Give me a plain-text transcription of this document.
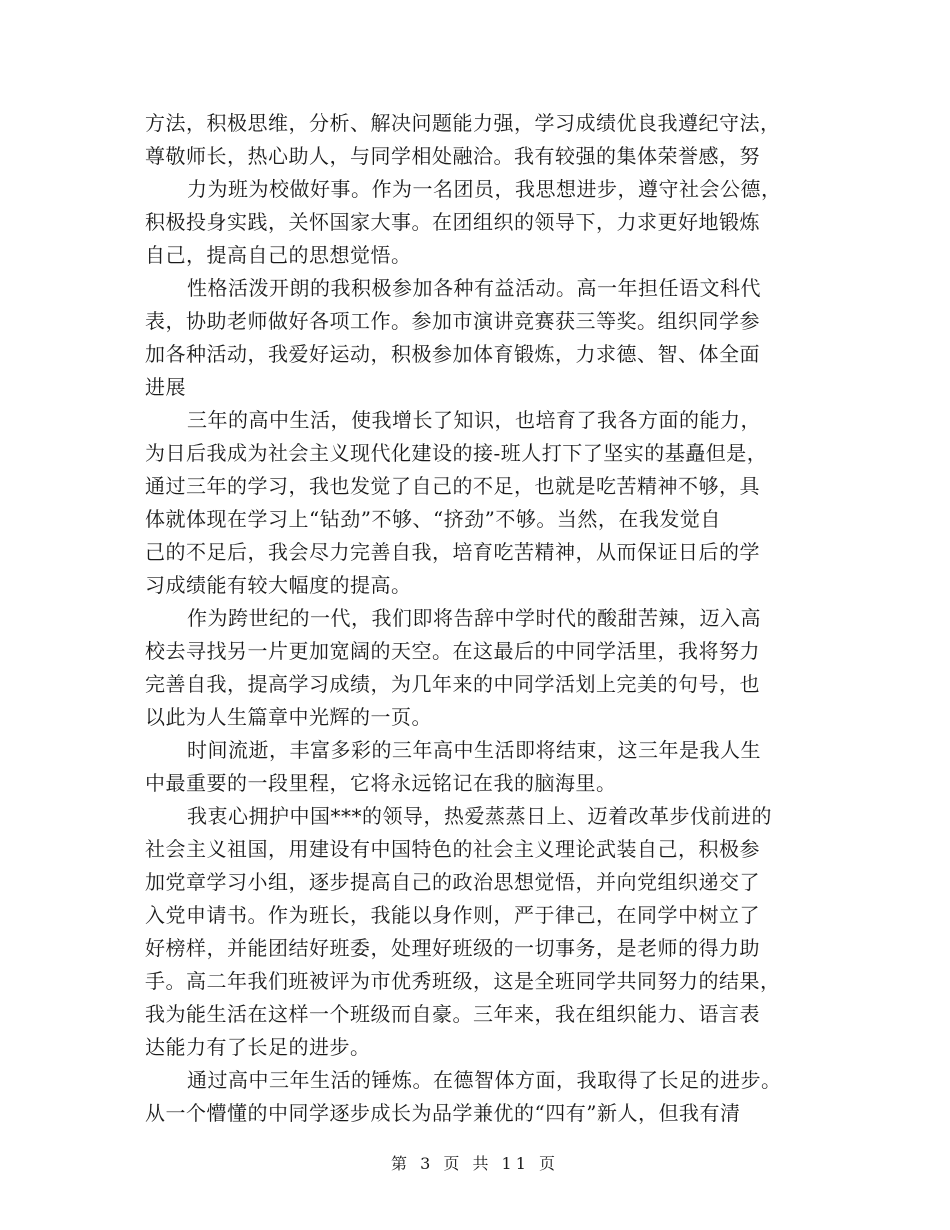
方法，积极思维，分析、解决问题能力强，学习成绩优良我遵纪守法，
尊敬师长，热心助人，与同学相处融洽。我有较强的集体荣誉感，努
力为班为校做好事。作为一名团员，我思想进步，遵守社会公德，
积极投身实践，关怀国家大事。在团组织的领导下，力求更好地锻炼
自己，提高自己的思想觉悟。
性格活泼开朗的我积极参加各种有益活动。高一年担任语文科代
表，协助老师做好各项工作。参加市演讲竞赛获三等奖。组织同学参
加各种活动，我爱好运动，积极参加体育锻炼，力求德、智、体全面
进展
三年的高中生活，使我增长了知识，也培育了我各方面的能力，
为日后我成为社会主义现代化建设的接-班人打下了坚实的基矗但是，
通过三年的学习，我也发觉了自己的不足，也就是吃苦精神不够，具
体就体现在学习上“钻劲”不够、“挤劲”不够。当然，在我发觉自
己的不足后，我会尽力完善自我，培育吃苦精神，从而保证日后的学
习成绩能有较大幅度的提高。
作为跨世纪的一代，我们即将告辞中学时代的酸甜苦辣，迈入高
校去寻找另一片更加宽阔的天空。在这最后的中同学活里，我将努力
完善自我，提高学习成绩，为几年来的中同学活划上完美的句号，也
以此为人生篇章中光辉的一页。
时间流逝，丰富多彩的三年高中生活即将结束，这三年是我人生
中最重要的一段里程，它将永远铭记在我的脑海里。
我衷心拥护中国***的领导，热爱蒸蒸日上、迈着改革步伐前进的
社会主义祖国，用建设有中国特色的社会主义理论武装自己，积极参
加党章学习小组，逐步提高自己的政治思想觉悟，并向党组织递交了
入党申请书。作为班长，我能以身作则，严于律己，在同学中树立了
好榜样，并能团结好班委，处理好班级的一切事务，是老师的得力助
手。高二年我们班被评为市优秀班级，这是全班同学共同努力的结果，
我为能生活在这样一个班级而自豪。三年来，我在组织能力、语言表
达能力有了长足的进步。
通过高中三年生活的锤炼。在德智体方面，我取得了长足的进步。
从一个懵懂的中同学逐步成长为品学兼优的“四有”新人，但我有清
第 3 页 共 11 页
